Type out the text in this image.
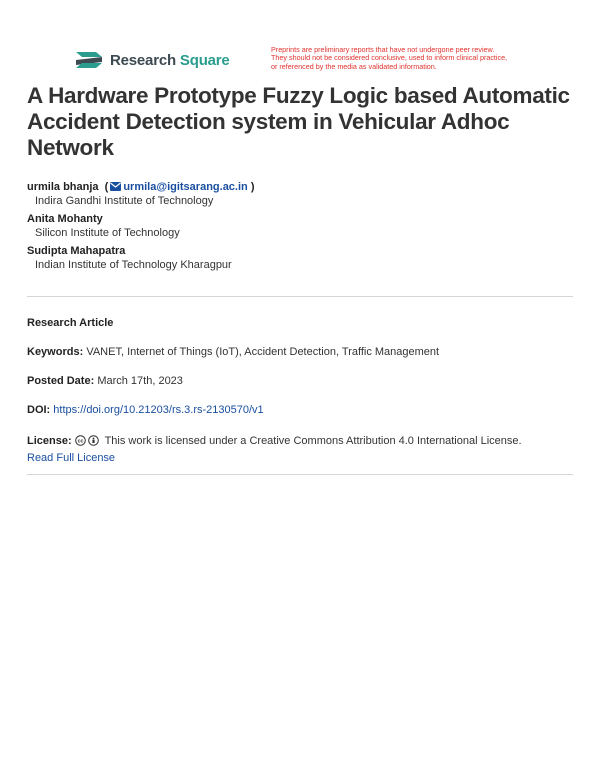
Research Square
Preprints are preliminary reports that have not undergone peer review.
They should not be considered conclusive, used to inform clinical practice,
or referenced by the media as validated information.
A Hardware Prototype Fuzzy Logic based Automatic Accident Detection system in Vehicular Adhoc Network
urmila bhanja  ( urmila@igitsarang.ac.in )
Indira Gandhi Institute of Technology
Anita Mohanty
Silicon Institute of Technology
Sudipta Mahapatra
Indian Institute of Technology Kharagpur
Research Article
Keywords: VANET, Internet of Things (IoT), Accident Detection, Traffic Management
Posted Date: March 17th, 2023
DOI: https://doi.org/10.21203/rs.3.rs-2130570/v1
License: cc This work is licensed under a Creative Commons Attribution 4.0 International License.
Read Full License
